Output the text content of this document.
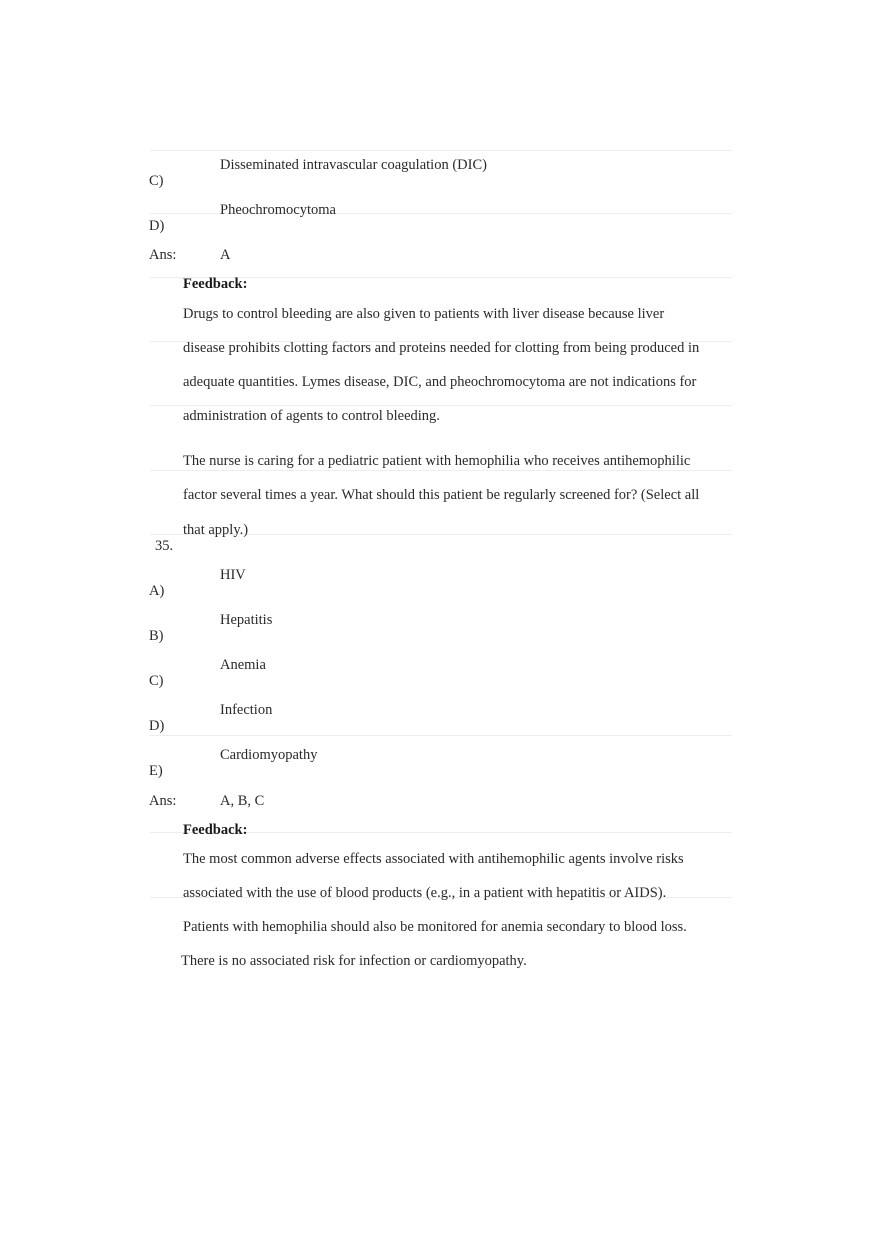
Disseminated intravascular coagulation (DIC)
C)
Pheochromocytoma
D)
Ans:	A
Feedback:
Drugs to control bleeding are also given to patients with liver disease because liver
disease prohibits clotting factors and proteins needed for clotting from being produced in
adequate quantities. Lymes disease, DIC, and pheochromocytoma are not indications for
administration of agents to control bleeding.
The nurse is caring for a pediatric patient with hemophilia who receives antihemophilic
factor several times a year. What should this patient be regularly screened for? (Select all
that apply.)
35.
HIV
A)
Hepatitis
B)
Anemia
C)
Infection
D)
Cardiomyopathy
E)
Ans:	A, B, C
Feedback:
The most common adverse effects associated with antihemophilic agents involve risks
associated with the use of blood products (e.g., in a patient with hepatitis or AIDS).
Patients with hemophilia should also be monitored for anemia secondary to blood loss.
There is no associated risk for infection or cardiomyopathy.
